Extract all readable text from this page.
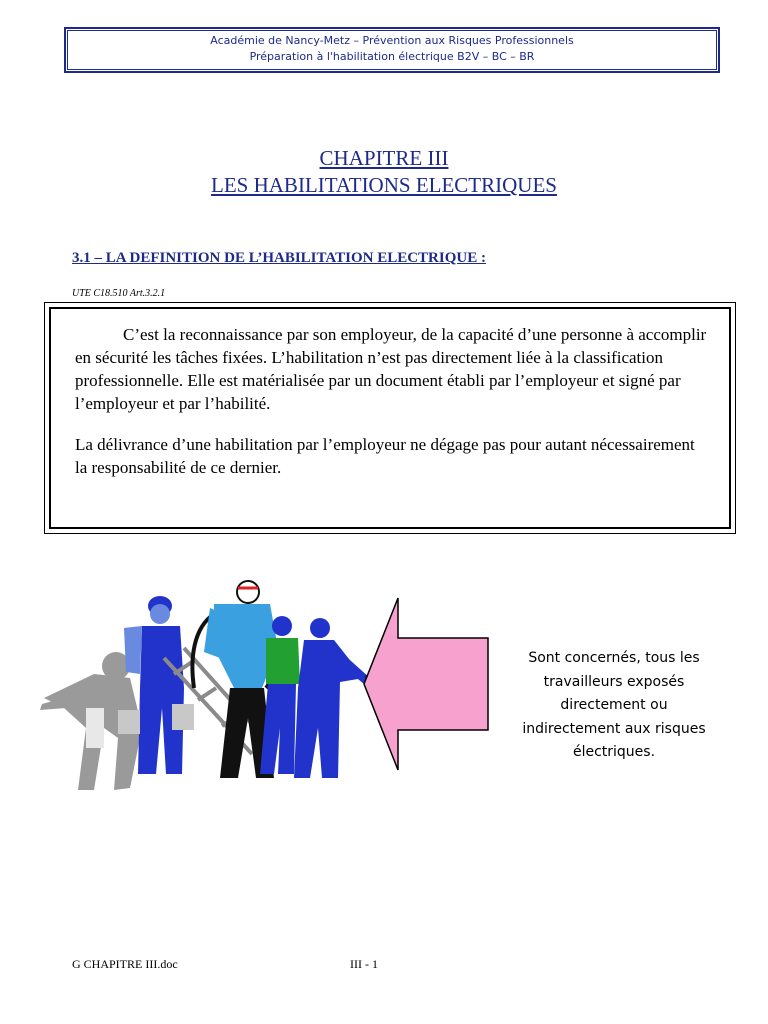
Académie de Nancy-Metz – Prévention aux Risques Professionnels
Préparation à l'habilitation électrique B2V – BC – BR
CHAPITRE III
LES HABILITATIONS ELECTRIQUES
3.1 – LA DEFINITION DE L’HABILITATION ELECTRIQUE :
UTE C18.510 Art.3.2.1

C’est la reconnaissance par son employeur, de la capacité d’une personne à accomplir en sécurité les tâches fixées. L’habilitation n’est pas directement liée à la classification professionnelle. Elle est matérialisée par un document établi par l’employeur et signé par l’employeur et par l’habilité.

La délivrance d’une habilitation par l’employeur ne dégage pas pour autant nécessairement la responsabilité de ce dernier.

Sont concernés, tous les
travailleurs exposés
directement ou
indirectement aux risques
électriques.
G CHAPITRE III.doc	III - 1
